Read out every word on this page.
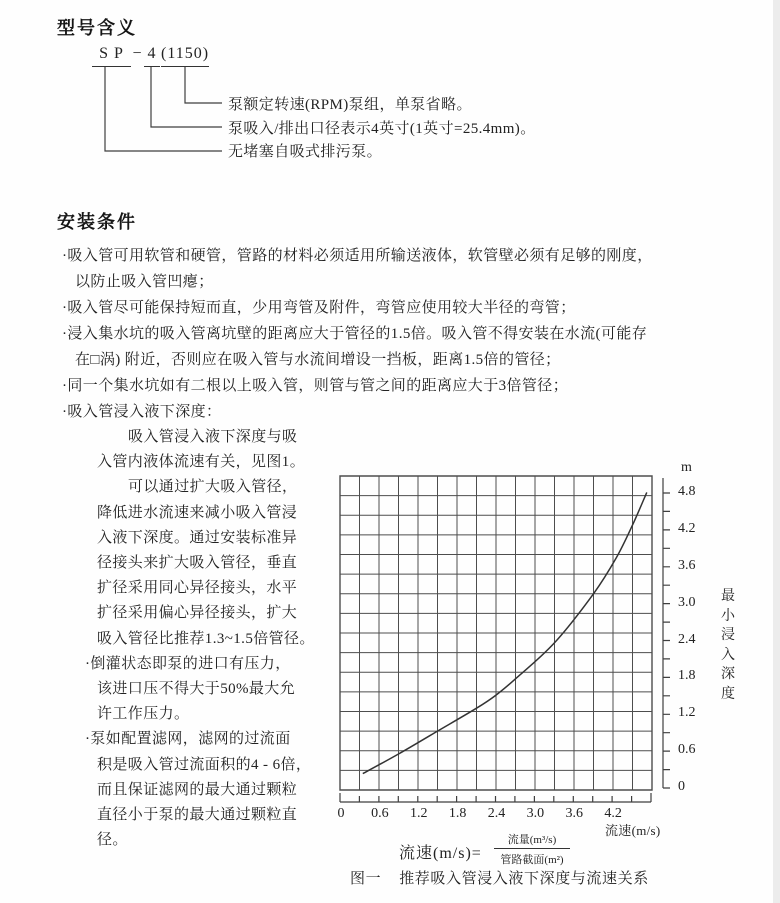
型号含义
S P − 4 (1150)
泵额定转速(RPM)泵组，单泵省略。
泵吸入/排出口径表示4英寸(1英寸=25.4mm)。
无堵塞自吸式排污泵。
安装条件
·吸入管可用软管和硬管，管路的材料必须适用所输送液体，软管壁必须有足够的刚度，
以防止吸入管凹瘪；
·吸入管尽可能保持短而直，少用弯管及附件，弯管应使用较大半径的弯管；
·浸入集水坑的吸入管离坑壁的距离应大于管径的1.5倍。吸入管不得安装在水流(可能存
在□涡) 附近，否则应在吸入管与水流间增设一挡板，距离1.5倍的管径；
·同一个集水坑如有二根以上吸入管，则管与管之间的距离应大于3倍管径；
·吸入管浸入液下深度：
吸入管浸入液下深度与吸
入管内液体流速有关，见图1。
可以通过扩大吸入管径，
降低进水流速来减小吸入管浸
入液下深度。通过安装标准异
径接头来扩大吸入管径，垂直
扩径采用同心异径接头，水平
扩径采用偏心异径接头，扩大
吸入管径比推荐1.3~1.5倍管径。
·倒灌状态即泵的进口有压力，
该进口压不得大于50%最大允
许工作压力。
·泵如配置滤网，滤网的过流面
积是吸入管过流面积的4 - 6倍，
而且保证滤网的最大通过颗粒
直径小于泵的最大通过颗粒直
径。
m
0	0.6	1.2	1.8	2.4	3.0	3.6	4.2
4.8
4.2
3.6
3.0
2.4
1.8
1.2
0.6
0
流速(m/s)
最
小
浸
入
深
度
流速(m/s)=
流量(m³/s)
管路截面(m²)
图一 推荐吸入管浸入液下深度与流速关系
